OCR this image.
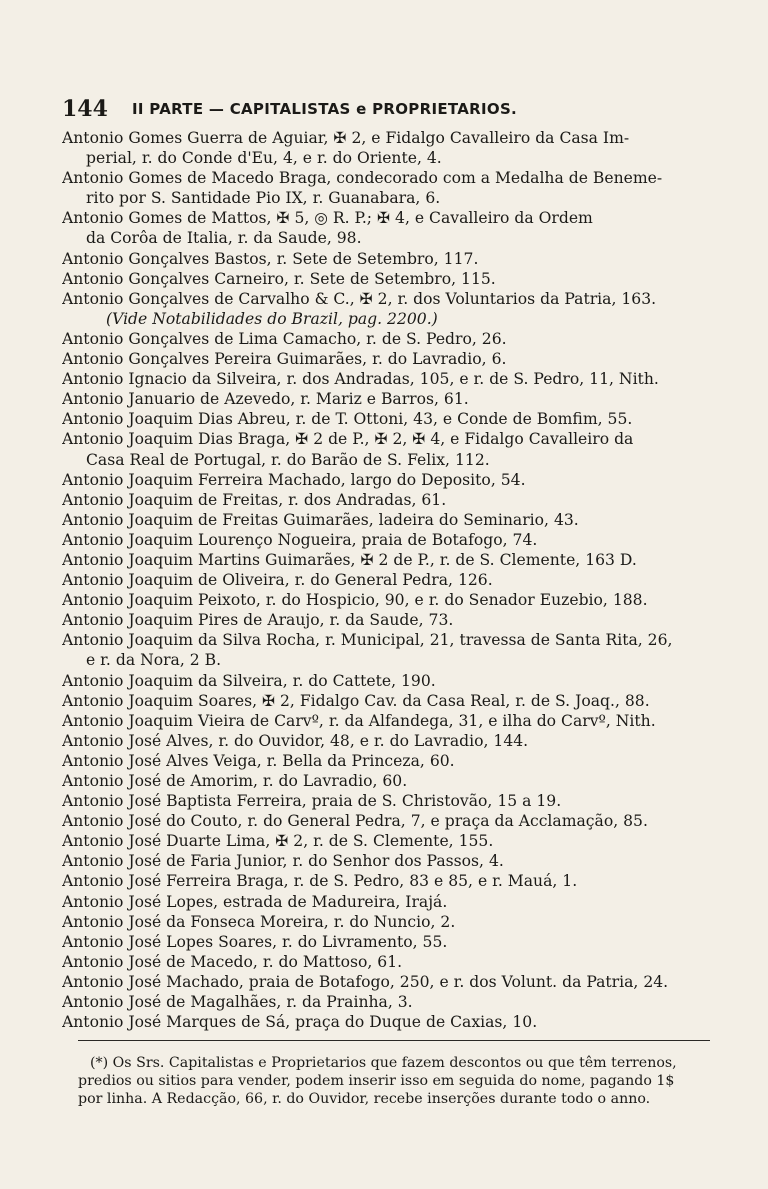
144 II PARTE — CAPITALISTAS e PROPRIETARIOS.
Antonio Gomes Guerra de Aguiar, ✠ 2, e Fidalgo Cavalleiro da Casa Im-
perial, r. do Conde d'Eu, 4, e r. do Oriente, 4.
Antonio Gomes de Macedo Braga, condecorado com a Medalha de Beneme-
rito por S. Santidade Pio IX, r. Guanabara, 6.
Antonio Gomes de Mattos, ✠ 5, ◎ R. P.; ✠ 4, e Cavalleiro da Ordem
da Corôa de Italia, r. da Saude, 98.
Antonio Gonçalves Bastos, r. Sete de Setembro, 117.
Antonio Gonçalves Carneiro, r. Sete de Setembro, 115.
Antonio Gonçalves de Carvalho & C., ✠ 2, r. dos Voluntarios da Patria, 163.
(Vide Notabilidades do Brazil, pag. 2200.)
Antonio Gonçalves de Lima Camacho, r. de S. Pedro, 26.
Antonio Gonçalves Pereira Guimarães, r. do Lavradio, 6.
Antonio Ignacio da Silveira, r. dos Andradas, 105, e r. de S. Pedro, 11, Nith.
Antonio Januario de Azevedo, r. Mariz e Barros, 61.
Antonio Joaquim Dias Abreu, r. de T. Ottoni, 43, e Conde de Bomfim, 55.
Antonio Joaquim Dias Braga, ✠ 2 de P., ✠ 2, ✠ 4, e Fidalgo Cavalleiro da
Casa Real de Portugal, r. do Barão de S. Felix, 112.
Antonio Joaquim Ferreira Machado, largo do Deposito, 54.
Antonio Joaquim de Freitas, r. dos Andradas, 61.
Antonio Joaquim de Freitas Guimarães, ladeira do Seminario, 43.
Antonio Joaquim Lourenço Nogueira, praia de Botafogo, 74.
Antonio Joaquim Martins Guimarães, ✠ 2 de P., r. de S. Clemente, 163 D.
Antonio Joaquim de Oliveira, r. do General Pedra, 126.
Antonio Joaquim Peixoto, r. do Hospicio, 90, e r. do Senador Euzebio, 188.
Antonio Joaquim Pires de Araujo, r. da Saude, 73.
Antonio Joaquim da Silva Rocha, r. Municipal, 21, travessa de Santa Rita, 26,
e r. da Nora, 2 B.
Antonio Joaquim da Silveira, r. do Cattete, 190.
Antonio Joaquim Soares, ✠ 2, Fidalgo Cav. da Casa Real, r. de S. Joaq., 88.
Antonio Joaquim Vieira de Carvº, r. da Alfandega, 31, e ilha do Carvº, Nith.
Antonio José Alves, r. do Ouvidor, 48, e r. do Lavradio, 144.
Antonio José Alves Veiga, r. Bella da Princeza, 60.
Antonio José de Amorim, r. do Lavradio, 60.
Antonio José Baptista Ferreira, praia de S. Christovão, 15 a 19.
Antonio José do Couto, r. do General Pedra, 7, e praça da Acclamação, 85.
Antonio José Duarte Lima, ✠ 2, r. de S. Clemente, 155.
Antonio José de Faria Junior, r. do Senhor dos Passos, 4.
Antonio José Ferreira Braga, r. de S. Pedro, 83 e 85, e r. Mauá, 1.
Antonio José Lopes, estrada de Madureira, Irajá.
Antonio José da Fonseca Moreira, r. do Nuncio, 2.
Antonio José Lopes Soares, r. do Livramento, 55.
Antonio José de Macedo, r. do Mattoso, 61.
Antonio José Machado, praia de Botafogo, 250, e r. dos Volunt. da Patria, 24.
Antonio José de Magalhães, r. da Prainha, 3.
Antonio José Marques de Sá, praça do Duque de Caxias, 10.

(*) Os Srs. Capitalistas e Proprietarios que fazem descontos ou que têm terrenos,

predios ou sitios para vender, podem inserir isso em seguida do nome, pagando 1$

por linha. A Redacção, 66, r. do Ouvidor, recebe inserções durante todo o anno.
